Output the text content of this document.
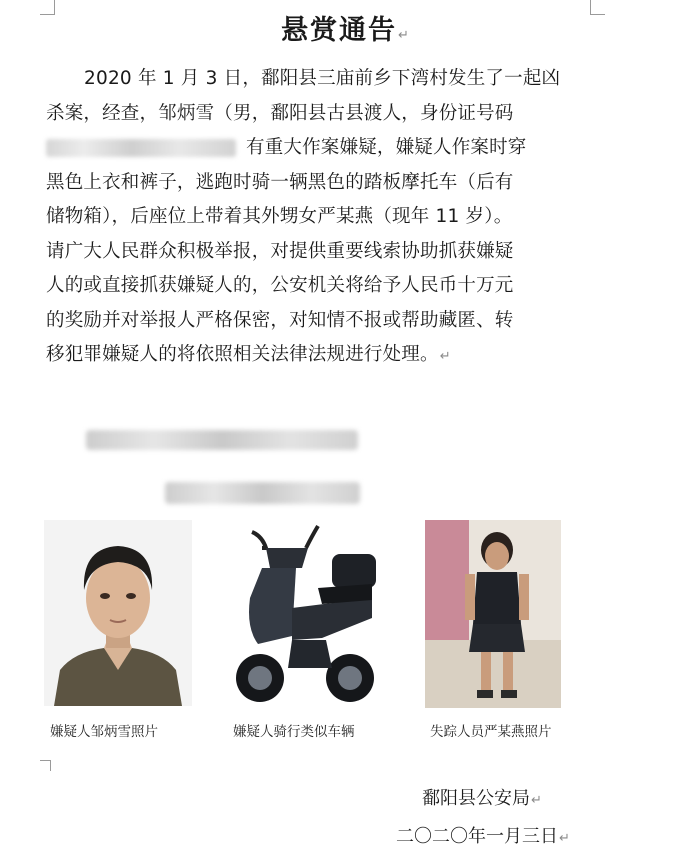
悬赏通告↵
2020 年 1 月 3 日，鄱阳县三庙前乡下湾村发生了一起凶
杀案，经查，邹炳雪（男，鄱阳县古县渡人，身份证号码
有重大作案嫌疑，嫌疑人作案时穿
黑色上衣和裤子，逃跑时骑一辆黑色的踏板摩托车（后有
储物箱），后座位上带着其外甥女严某燕（现年 11 岁）。
请广大人民群众积极举报，对提供重要线索协助抓获嫌疑
人的或直接抓获嫌疑人的，公安机关将给予人民币十万元
的奖励并对举报人严格保密，对知情不报或帮助藏匿、转
移犯罪嫌疑人的将依照相关法律法规进行处理。↵
嫌疑人邹炳雪照片	嫌疑人骑行类似车辆	失踪人员严某燕照片
鄱阳县公安局↵
二〇二〇年一月三日↵
